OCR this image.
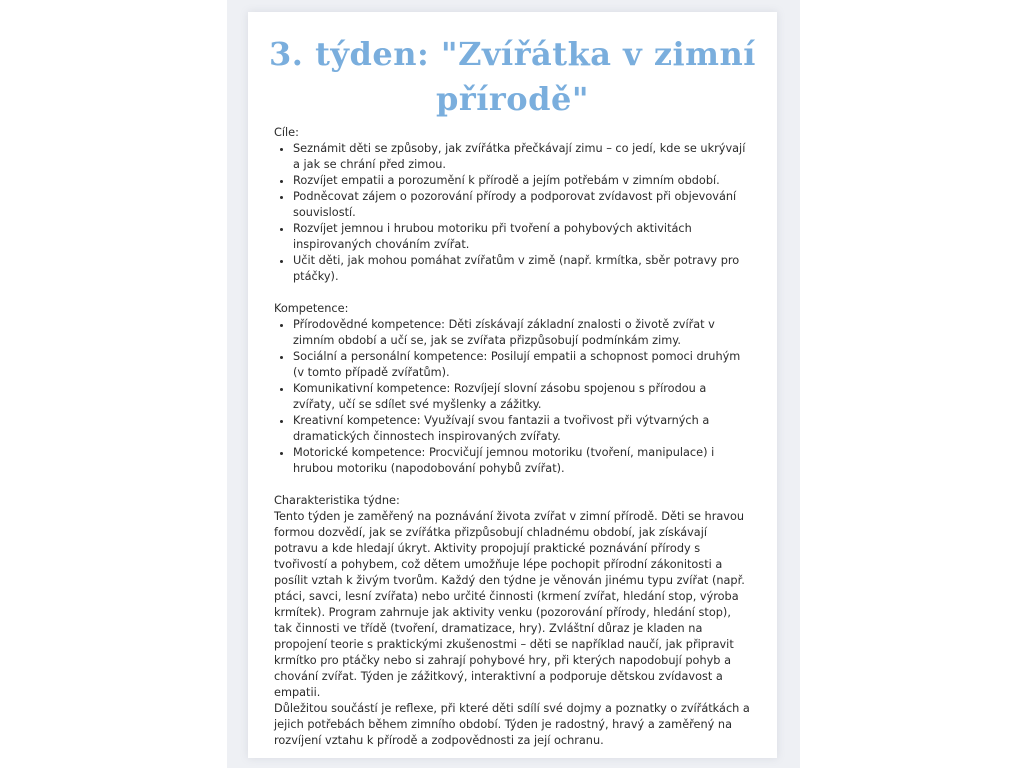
3. týden: "Zvířátka v zimní přírodě"
Cíle:
• Seznámit děti se způsoby, jak zvířátka přečkávají zimu – co jedí, kde se ukrývají a jak se chrání před zimou.
• Rozvíjet empatii a porozumění k přírodě a jejím potřebám v zimním období.
• Podněcovat zájem o pozorování přírody a podporovat zvídavost při objevování souvislostí.
• Rozvíjet jemnou i hrubou motoriku při tvoření a pohybových aktivitách inspirovaných chováním zvířat.
• Učit děti, jak mohou pomáhat zvířatům v zimě (např. krmítka, sběr potravy pro ptáčky).
Kompetence:
• Přírodovědné kompetence: Děti získávají základní znalosti o životě zvířat v zimním období a učí se, jak se zvířata přizpůsobují podmínkám zimy.
• Sociální a personální kompetence: Posilují empatii a schopnost pomoci druhým (v tomto případě zvířatům).
• Komunikativní kompetence: Rozvíjejí slovní zásobu spojenou s přírodou a zvířaty, učí se sdílet své myšlenky a zážitky.
• Kreativní kompetence: Využívají svou fantazii a tvořivost při výtvarných a dramatických činnostech inspirovaných zvířaty.
• Motorické kompetence: Procvičují jemnou motoriku (tvoření, manipulace) i hrubou motoriku (napodobování pohybů zvířat).
Charakteristika týdne:

Tento týden je zaměřený na poznávání života zvířat v zimní přírodě. Děti se hravou formou dozvědí, jak se zvířátka přizpůsobují chladnému období, jak získávají potravu a kde hledají úkryt. Aktivity propojují praktické poznávání přírody s tvořivostí a pohybem, což dětem umožňuje lépe pochopit přírodní zákonitosti a posílit vztah k živým tvorům. Každý den týdne je věnován jinému typu zvířat (např. ptáci, savci, lesní zvířata) nebo určité činnosti (krmení zvířat, hledání stop, výroba krmítek). Program zahrnuje jak aktivity venku (pozorování přírody, hledání stop), tak činnosti ve třídě (tvoření, dramatizace, hry). Zvláštní důraz je kladen na propojení teorie s praktickými zkušenostmi – děti se například naučí, jak připravit krmítko pro ptáčky nebo si zahrají pohybové hry, při kterých napodobují pohyb a chování zvířat. Týden je zážitkový, interaktivní a podporuje dětskou zvídavost a empatii.

Důležitou součástí je reflexe, při které děti sdílí své dojmy a poznatky o zvířátkách a jejich potřebách během zimního období. Týden je radostný, hravý a zaměřený na rozvíjení vztahu k přírodě a zodpovědnosti za její ochranu.
